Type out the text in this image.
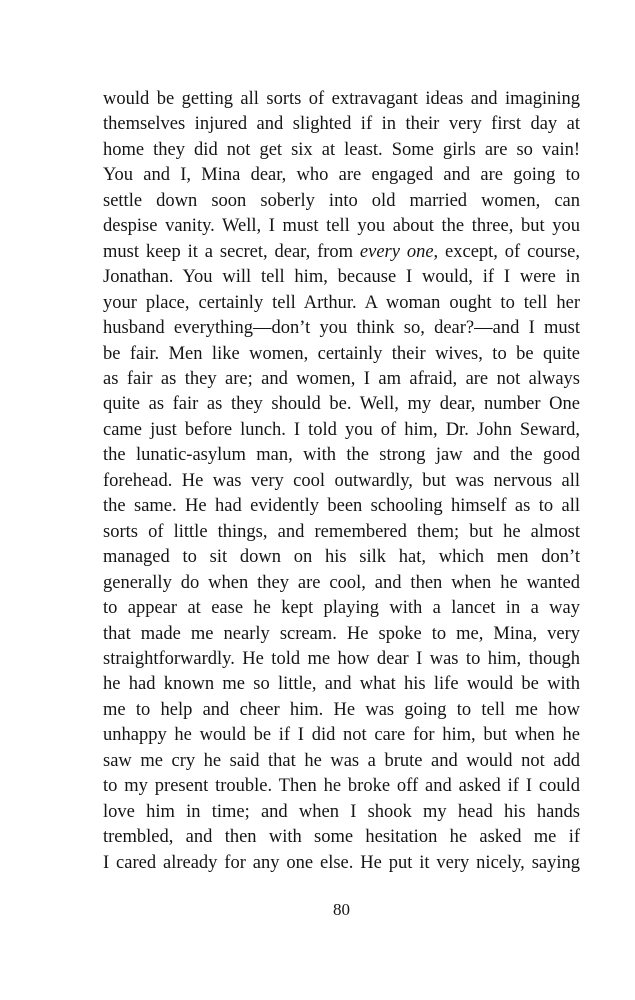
would be getting all sorts of extravagant ideas and imagining
themselves injured and slighted if in their very first day at
home they did not get six at least. Some girls are so vain!
You and I, Mina dear, who are engaged and are going to
settle down soon soberly into old married women, can
despise vanity. Well, I must tell you about the three, but you
must keep it a secret, dear, from every one, except, of course,
Jonathan. You will tell him, because I would, if I were in
your place, certainly tell Arthur. A woman ought to tell her
husband everything—don’t you think so, dear?—and I must
be fair. Men like women, certainly their wives, to be quite
as fair as they are; and women, I am afraid, are not always
quite as fair as they should be. Well, my dear, number One
came just before lunch. I told you of him, Dr. John Seward,
the lunatic-asylum man, with the strong jaw and the good
forehead. He was very cool outwardly, but was nervous all
the same. He had evidently been schooling himself as to all
sorts of little things, and remembered them; but he almost
managed to sit down on his silk hat, which men don’t
generally do when they are cool, and then when he wanted
to appear at ease he kept playing with a lancet in a way
that made me nearly scream. He spoke to me, Mina, very
straightforwardly. He told me how dear I was to him, though
he had known me so little, and what his life would be with
me to help and cheer him. He was going to tell me how
unhappy he would be if I did not care for him, but when he
saw me cry he said that he was a brute and would not add
to my present trouble. Then he broke off and asked if I could
love him in time; and when I shook my head his hands
trembled, and then with some hesitation he asked me if
I cared already for any one else. He put it very nicely, saying
80
